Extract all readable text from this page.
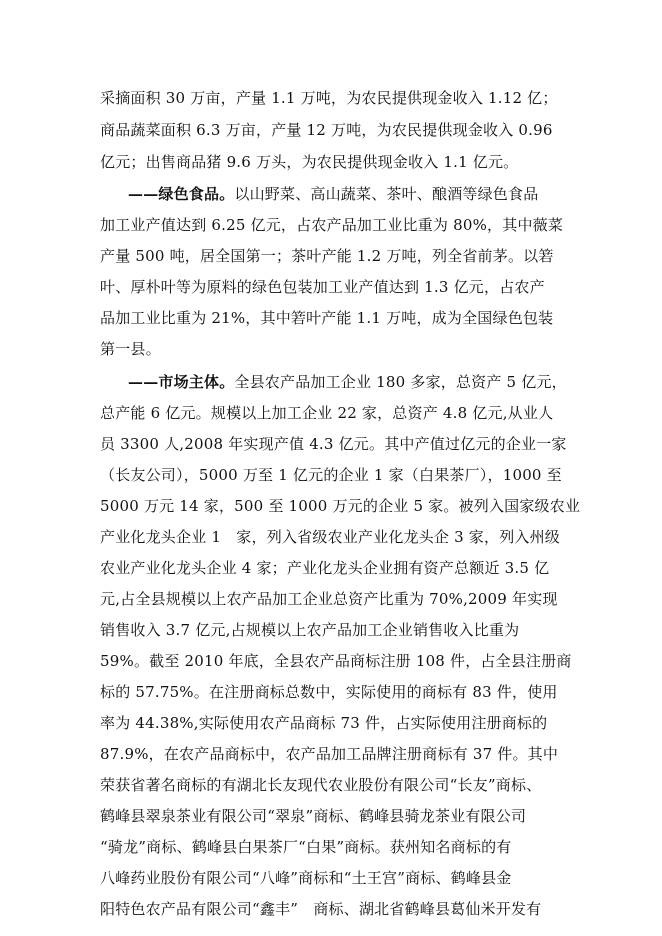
采摘面积 30 万亩，产量 1.1 万吨，为农民提供现金收入 1.12 亿；
商品蔬菜面积 6.3 万亩，产量 12 万吨，为农民提供现金收入 0.96
亿元；出售商品猪 9.6 万头，为农民提供现金收入 1.1 亿元。
——绿色食品。以山野菜、高山蔬菜、茶叶、酿酒等绿色食品
加工业产值达到 6.25 亿元，占农产品加工业比重为 80%，其中薇菜
产量 500 吨，居全国第一；茶叶产能 1.2 万吨，列全省前茅。以箬
叶、厚朴叶等为原料的绿色包装加工业产值达到 1.3 亿元，占农产
品加工业比重为 21%，其中箬叶产能 1.1 万吨，成为全国绿色包装
第一县。
——市场主体。全县农产品加工企业 180 多家，总资产 5 亿元，
总产能 6 亿元。规模以上加工企业 22 家，总资产 4.8 亿元,从业人
员 3300 人,2008 年实现产值 4.3 亿元。其中产值过亿元的企业一家
（长友公司），5000 万至 1 亿元的企业 1 家（白果茶厂），1000 至
5000 万元 14 家，500 至 1000 万元的企业 5 家。被列入国家级农业
产业化龙头企业 1　家，列入省级农业产业化龙头企 3 家，列入州级
农业产业化龙头企业 4 家；产业化龙头企业拥有资产总额近 3.5 亿
元,占全县规模以上农产品加工企业总资产比重为 70%,2009 年实现
销售收入 3.7 亿元,占规模以上农产品加工企业销售收入比重为
59%。截至 2010 年底，全县农产品商标注册 108 件，占全县注册商
标的 57.75%。在注册商标总数中，实际使用的商标有 83 件，使用
率为 44.38%,实际使用农产品商标 73 件，占实际使用注册商标的
87.9%，在农产品商标中，农产品加工品牌注册商标有 37 件。其中
荣获省著名商标的有湖北长友现代农业股份有限公司“长友”商标、
鹤峰县翠泉茶业有限公司“翠泉”商标、鹤峰县骑龙茶业有限公司
“骑龙”商标、鹤峰县白果茶厂“白果”商标。获州知名商标的有
八峰药业股份有限公司“八峰”商标和“土王宫”商标、鹤峰县金
阳特色农产品有限公司“鑫丰”　商标、湖北省鹤峰县葛仙米开发有
